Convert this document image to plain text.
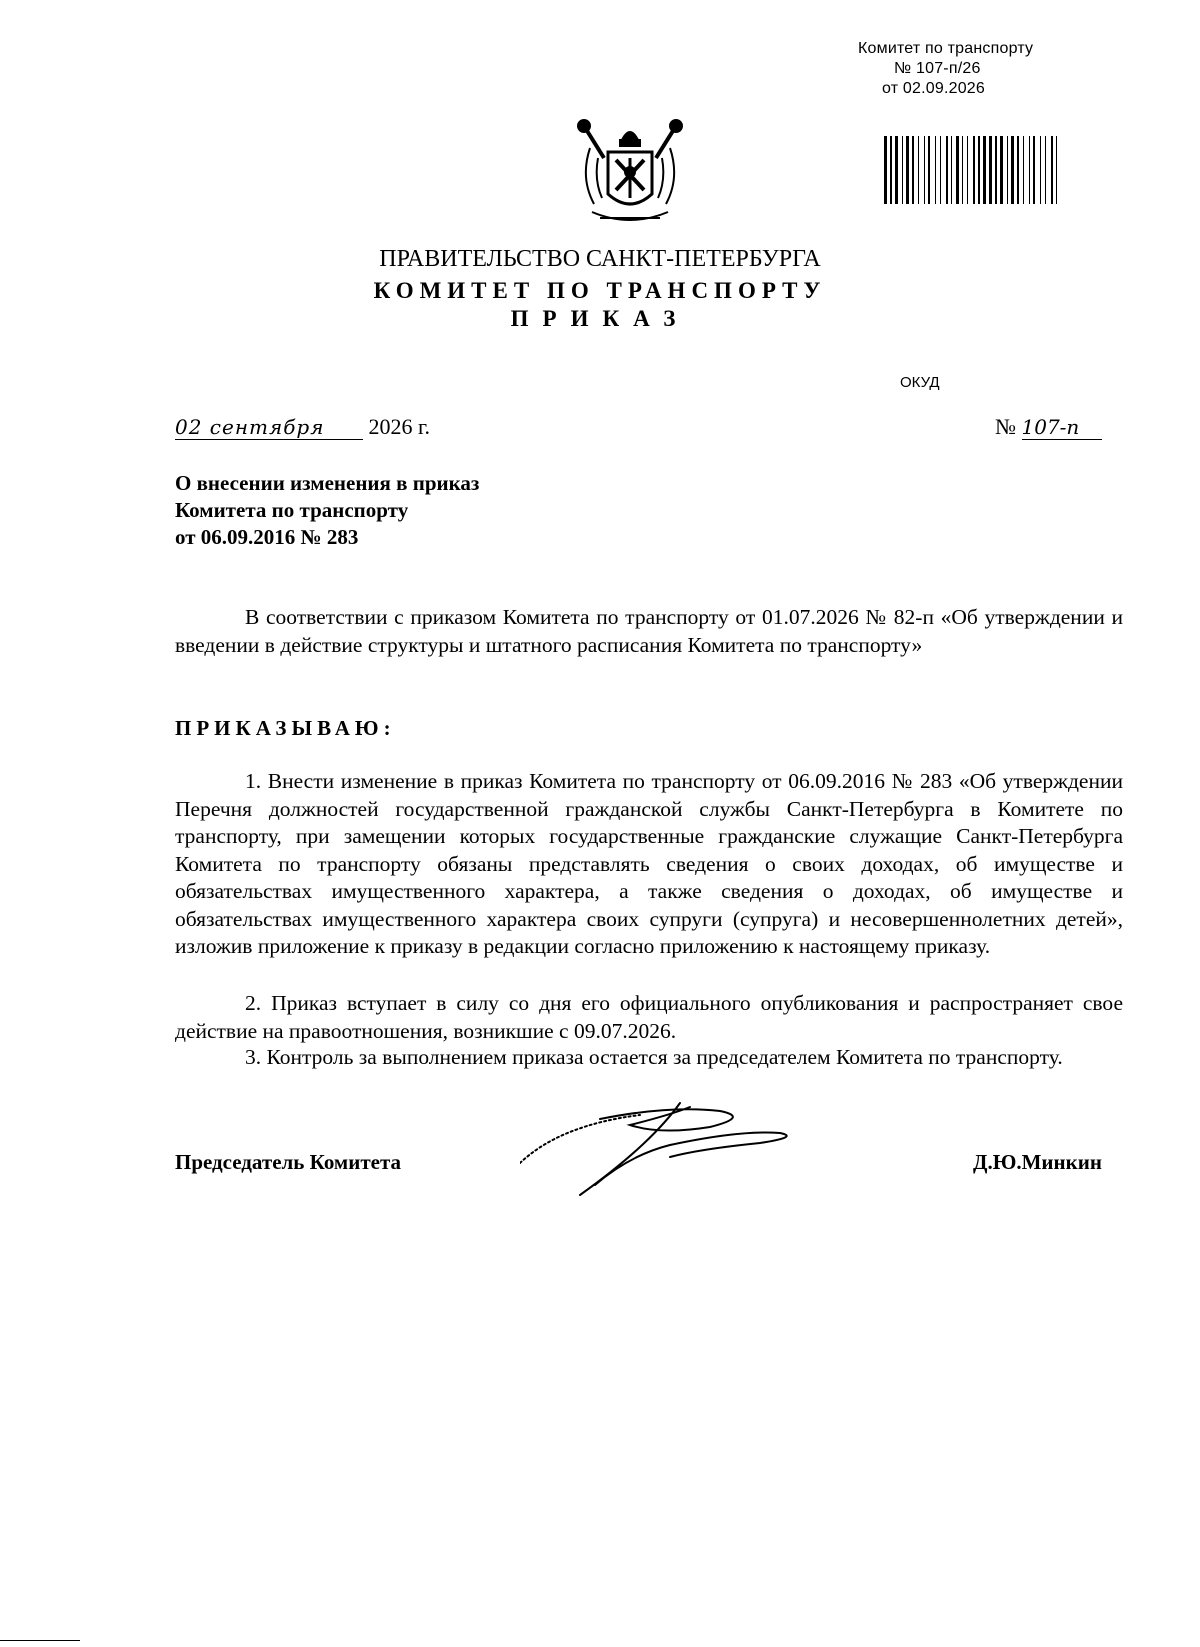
Комитет по транспорту
№ 107-п/26
от 02.09.2026
ПРАВИТЕЛЬСТВО САНКТ-ПЕТЕРБУРГА
КОМИТЕТ ПО ТРАНСПОРТУ
ПРИКАЗ
ОКУД
02 сентября 2026 г.	№ 107-п
О внесении изменения в приказ
Комитета по транспорту
от 06.09.2016 № 283
В соответствии с приказом Комитета по транспорту от 01.07.2026 № 82-п «Об утверждении и введении в действие структуры и штатного расписания Комитета по транспорту»
ПРИКАЗЫВАЮ:
1. Внести изменение в приказ Комитета по транспорту от 06.09.2016 № 283 «Об утверждении Перечня должностей государственной гражданской службы Санкт-Петербурга в Комитете по транспорту, при замещении которых государственные гражданские служащие Санкт-Петербурга Комитета по транспорту обязаны представлять сведения о своих доходах, об имуществе и обязательствах имущественного характера, а также сведения о доходах, об имуществе и обязательствах имущественного характера своих супруги (супруга) и несовершеннолетних детей», изложив приложение к приказу в редакции согласно приложению к настоящему приказу.
2. Приказ вступает в силу со дня его официального опубликования и распространяет свое действие на правоотношения, возникшие с 09.07.2026.
3. Контроль за выполнением приказа остается за председателем Комитета по транспорту.
Председатель Комитета	Д.Ю.Минкин
